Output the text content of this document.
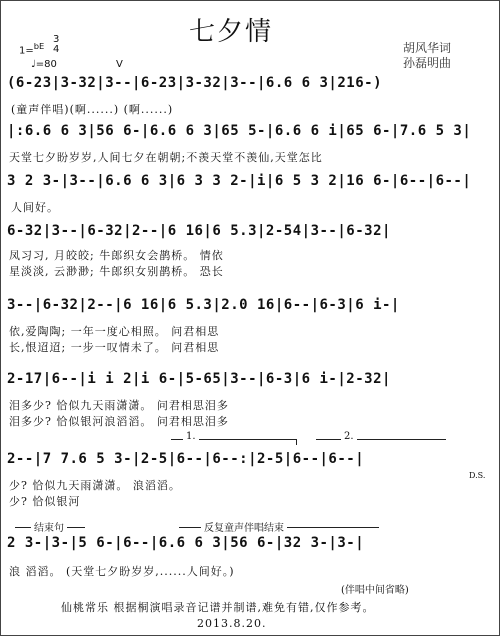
七夕情
胡风华词
孙磊明曲
1=$^{bE}$
3
4
♩=80	V
(6-23|3-32|3--|6-23|3-32|3--|6.6 6 3|216-)
(童声伴唱)(啊......) (啊......)
|:6.6 6 3|56 6-|6.6 6 3|65 5-|6.6 6 i|65 6-|7.6 5 3|
天堂七夕盼岁岁,人间七夕在朝朝;不羡天堂不羡仙,天堂怎比
3 2 3-|3--|6.6 6 3|6 3 3 2-|i|6 5 3 2|16 6-|6--|6--|
人间好。
6-32|3--|6-32|2--|6 16|6 5.3|2-54|3--|6-32|
凤习习, 月皎皎; 牛郎织女会鹊桥。 情依
星淡淡, 云渺渺; 牛郎织女别鹊桥。 恐长
3--|6-32|2--|6 16|6 5.3|2.0 16|6--|6-3|6 i-|
依,爱陶陶; 一年一度心相照。 问君相思
长,恨迢迢; 一步一叹情未了。 问君相思
2-17|6--|i i 2|i 6-|5-65|3--|6-3|6 i-|2-32|
泪多少? 恰似九天雨潇潇。 问君相思泪多
泪多少? 恰似银河浪滔滔。 问君相思泪多
1.	2.
2--|7 7.6 5 3-|2-5|6--|6--:|2-5|6--|6--|
D.S.
少? 恰似九天雨潇潇。 浪滔滔。
少? 恰似银河
结束句	反复童声伴唱结束
2 3-|3-|5 6-|6--|6.6 6 3|56 6-|32 3-|3-|
浪 滔滔。 (天堂七夕盼岁岁,......人间好。)
(伴唱中间省略)
仙桃常乐 根据桐演唱录音记谱并制谱,难免有错,仅作参考。
2013.8.20.
